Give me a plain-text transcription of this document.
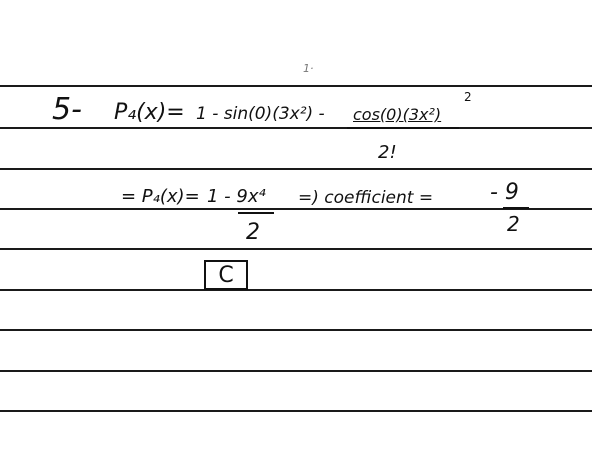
5-
1·
P₄(x)= 1 - sin(0)(3x²) - cos(0)(3x²)
2
2!
= P₄(x)= 1 - 9x⁴
2
=) coefficient =	- 9
2
C
